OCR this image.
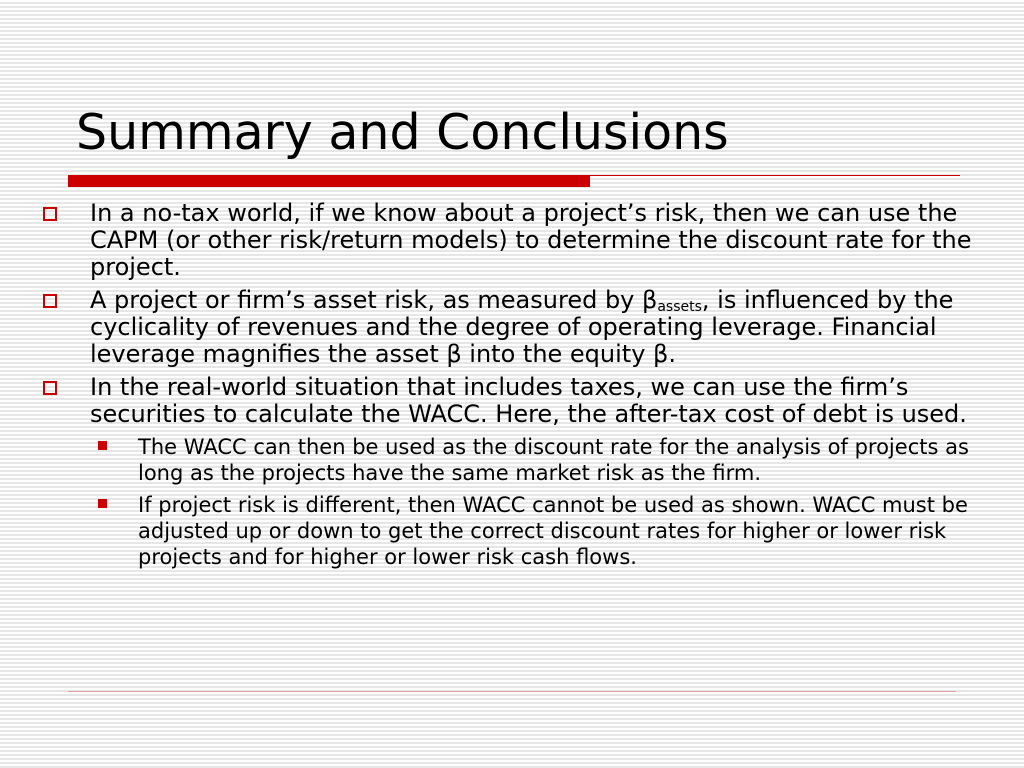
Summary and Conclusions
In a no-tax world, if we know about a project’s risk, then we can use the CAPM (or other risk/return models) to determine the discount rate for the project.
A project or firm’s asset risk, as measured by $\beta_{assets}$, is influenced by the cyclicality of revenues and the degree of operating leverage. Financial leverage magnifies the asset β into the equity β.
In the real-world situation that includes taxes, we can use the firm’s securities to calculate the WACC. Here, the after-tax cost of debt is used.
The WACC can then be used as the discount rate for the analysis of projects as long as the projects have the same market risk as the firm.
If project risk is different, then WACC cannot be used as shown. WACC must be adjusted up or down to get the correct discount rates for higher or lower risk projects and for higher or lower risk cash flows.
